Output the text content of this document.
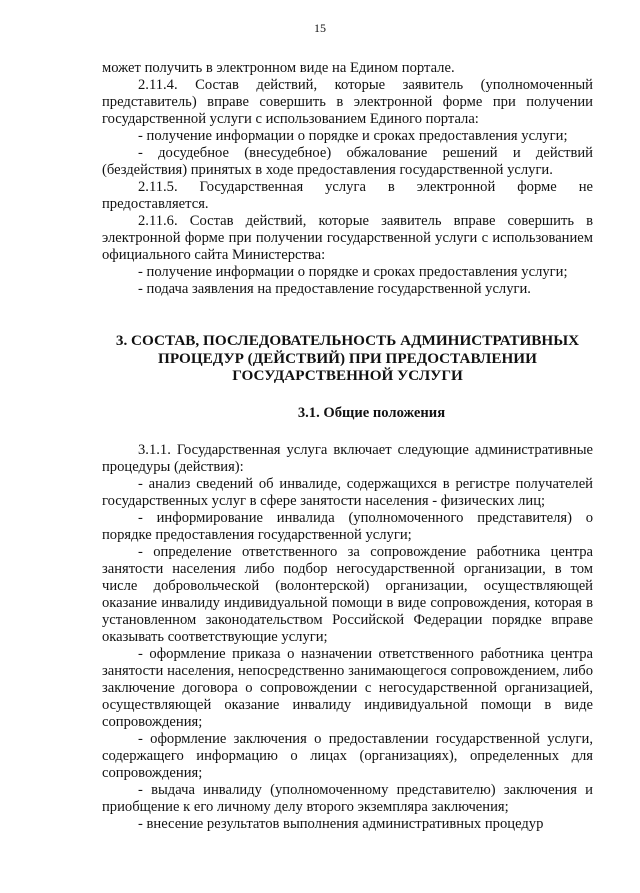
15

может получить в электронном виде на Едином портале.

2.11.4. Состав действий, которые заявитель (уполномоченный представитель) вправе совершить в электронной форме при получении государственной услуги с использованием Единого портала:

- получение информации о порядке и сроках предоставления услуги;

- досудебное (внесудебное) обжалование решений и действий (бездействия) принятых в ходе предоставления государственной услуги.

2.11.5. Государственная услуга в электронной форме не предоставляется.

2.11.6. Состав действий, которые заявитель вправе совершить в электронной форме при получении государственной услуги с использованием официального сайта Министерства:

- получение информации о порядке и сроках предоставления услуги;

- подача заявления на предоставление государственной услуги.

3. СОСТАВ, ПОСЛЕДОВАТЕЛЬНОСТЬ АДМИНИСТРАТИВНЫХ ПРОЦЕДУР (ДЕЙСТВИЙ) ПРИ ПРЕДОСТАВЛЕНИИ ГОСУДАРСТВЕННОЙ УСЛУГИ

3.1. Общие положения

3.1.1. Государственная услуга включает следующие административные процедуры (действия):

- анализ сведений об инвалиде, содержащихся в регистре получателей государственных услуг в сфере занятости населения - физических лиц;

- информирование инвалида (уполномоченного представителя) о порядке предоставления государственной услуги;

- определение ответственного за сопровождение работника центра занятости населения либо подбор негосударственной организации, в том числе добровольческой (волонтерской) организации, осуществляющей оказание инвалиду индивидуальной помощи в виде сопровождения, которая в установленном законодательством Российской Федерации порядке вправе оказывать соответствующие услуги;

- оформление приказа о назначении ответственного работника центра занятости населения, непосредственно занимающегося сопровождением, либо заключение договора о сопровождении с негосударственной организацией, осуществляющей оказание инвалиду индивидуальной помощи в виде сопровождения;

- оформление заключения о предоставлении государственной услуги, содержащего информацию о лицах (организациях), определенных для сопровождения;

- выдача инвалиду (уполномоченному представителю) заключения и приобщение к его личному делу второго экземпляра заключения;

- внесение результатов выполнения административных процедур
